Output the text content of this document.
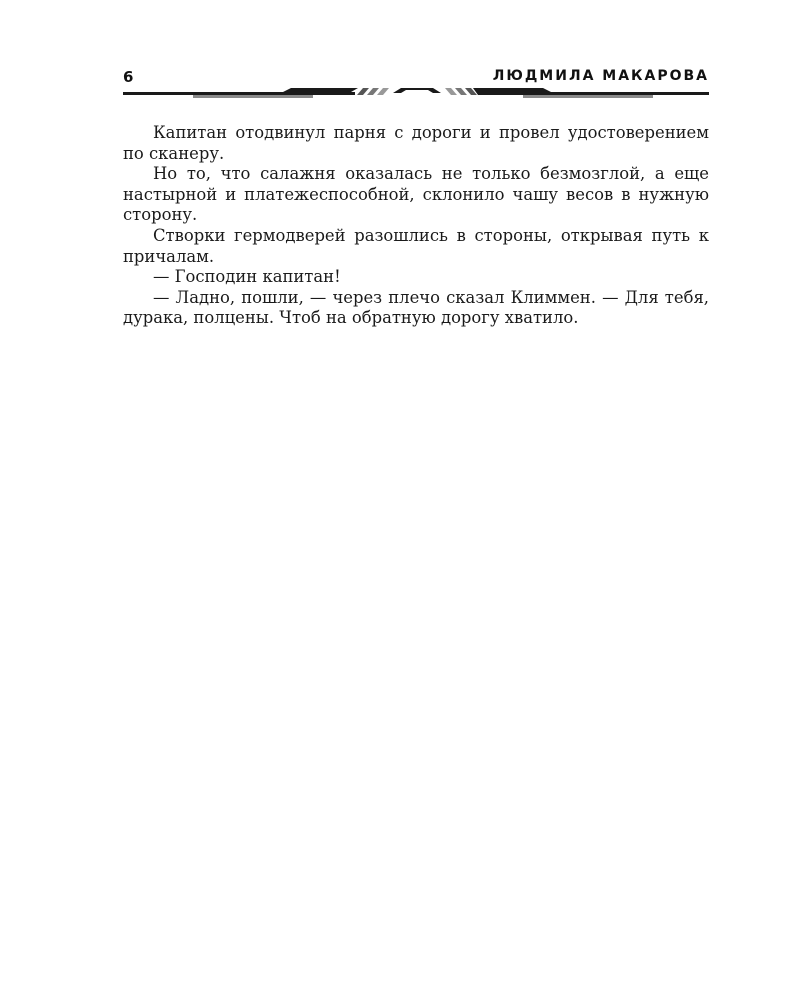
6	ЛЮДМИЛА МАКАРОВА

Капитан отодвинул парня с дороги и провел удостоверением по сканеру.

Но то, что салажня оказалась не только безмозглой, а еще настырной и платежеспособной, склонило чашу весов в нужную сторону.

Створки гермодверей разошлись в стороны, открывая путь к причалам.

— Господин капитан!

— Ладно, пошли, — через плечо сказал Климмен. — Для тебя, дурака, полцены. Чтоб на обратную дорогу хватило.
